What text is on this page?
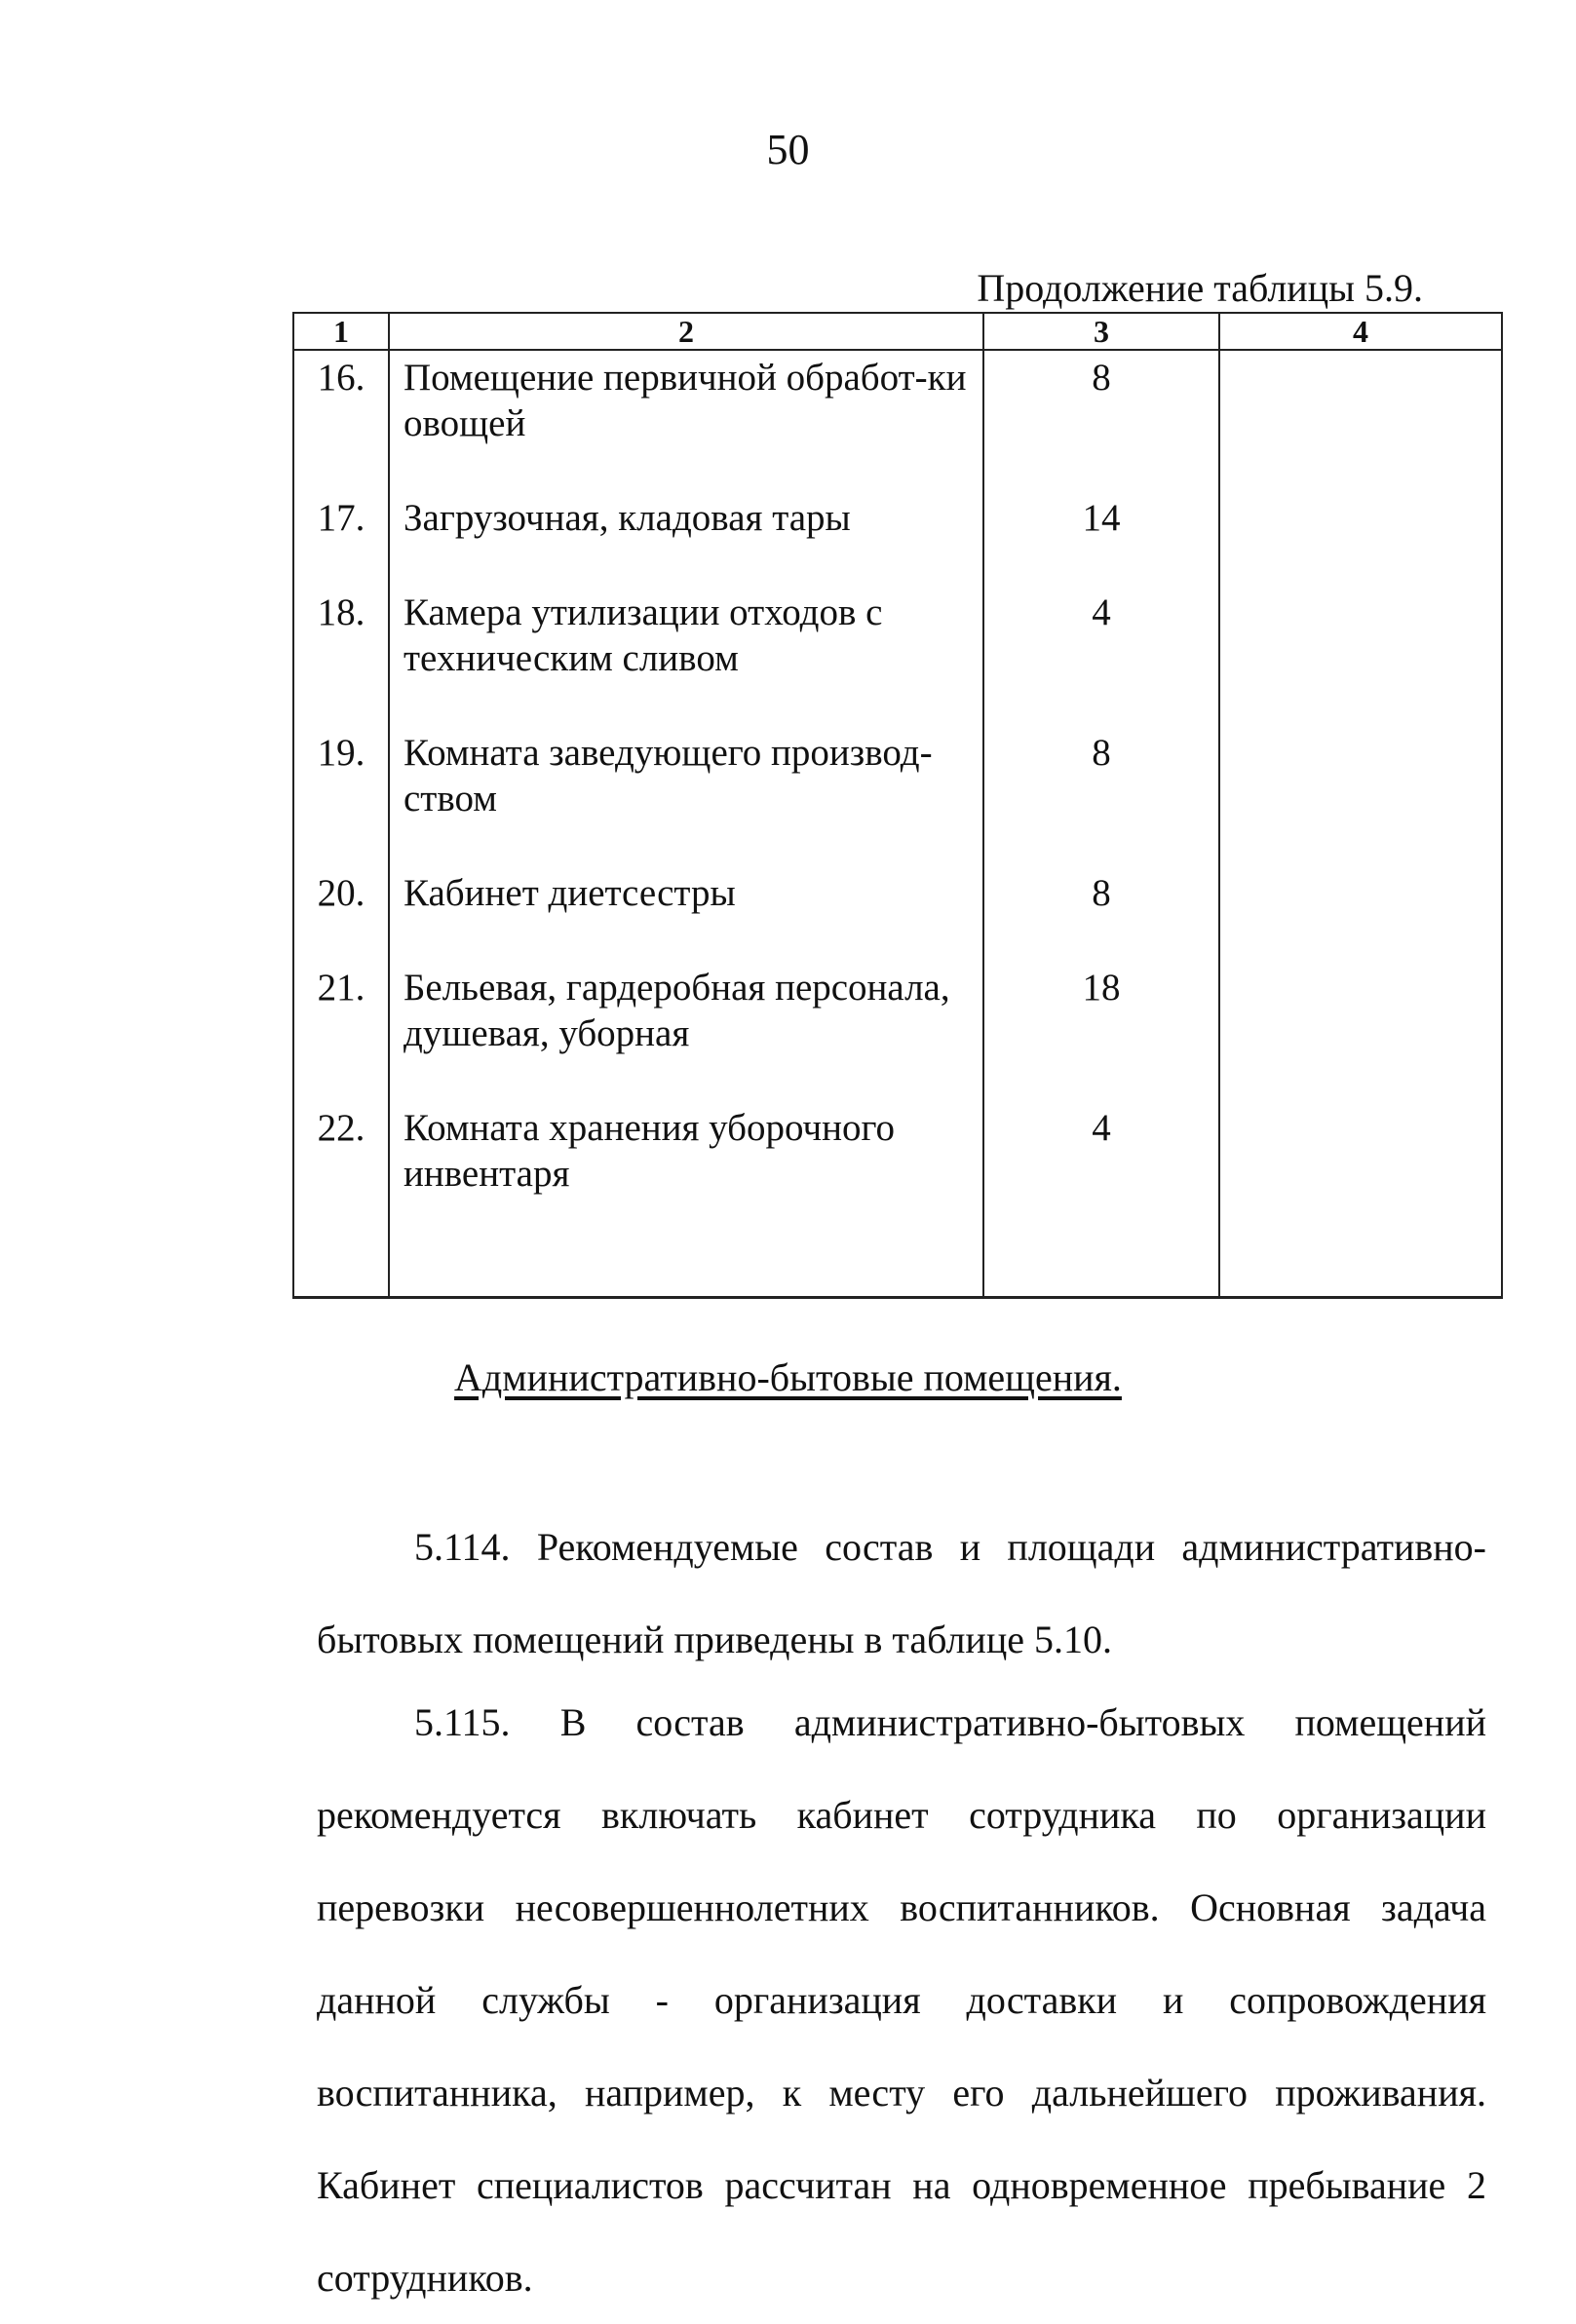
50
Продолжение таблицы 5.9.
1	2	3	4
16.	Помещение первичной обработ-ки овощей	8	
17.	Загрузочная, кладовая тары	14	
18.	Камера утилизации отходов с техническим сливом	4	
19.	Комната заведующего производ-ством	8	
20.	Кабинет диетсестры	8	
21.	Бельевая, гардеробная персонала, душевая, уборная	18	
22.	Комната хранения уборочного инвентаря	4	

Административно-бытовые помещения.

5.114. Рекомендуемые состав и площади административно-бытовых помещений приведены в таблице 5.10.

5.115. В состав административно-бытовых помещений рекомендуется включать кабинет сотрудника по организации перевозки несовершеннолетних воспитанников. Основная задача данной службы - организация доставки и сопровождения воспитанника, например, к месту его дальнейшего проживания. Кабинет специалистов рассчитан на одновременное пребывание 2 сотрудников.
